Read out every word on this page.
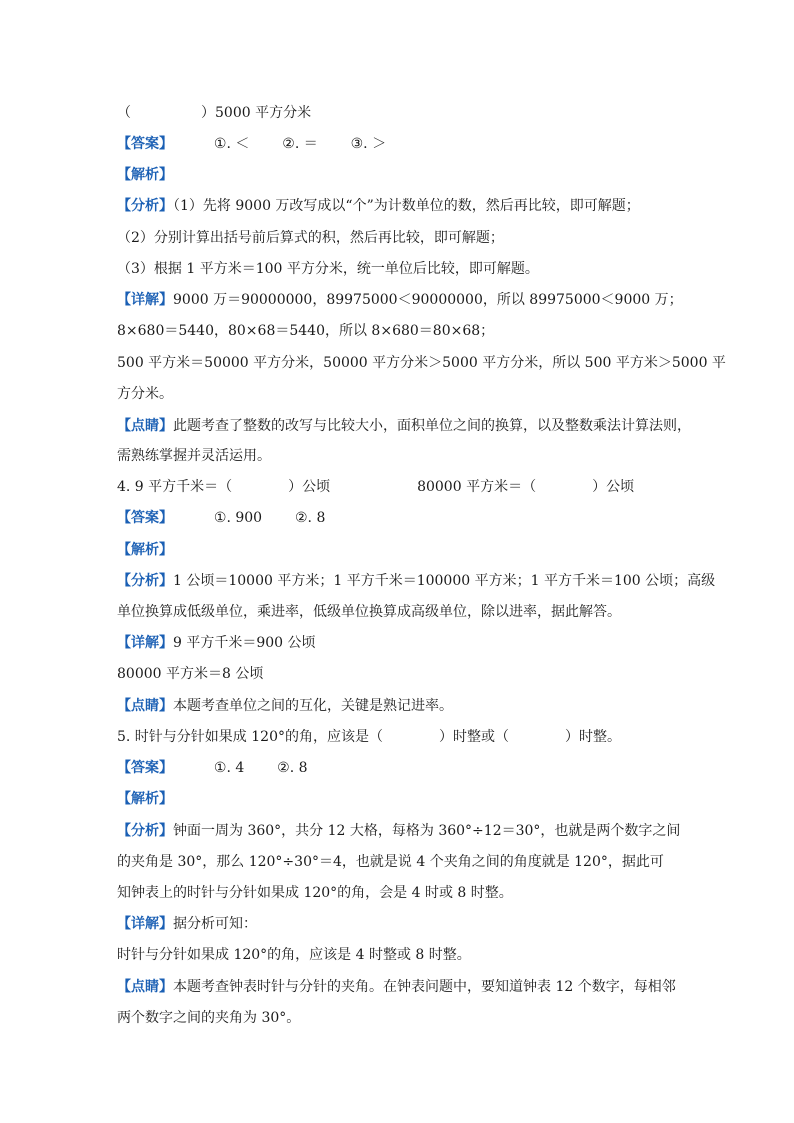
（　　　　　）5000 平方分米
【答案】	①. ＜ ②. ＝ ③. ＞
【解析】
【分析】（1）先将 9000 万改写成以“个”为计数单位的数，然后再比较，即可解题；
（2）分别计算出括号前后算式的积，然后再比较，即可解题；
（3）根据 1 平方米＝100 平方分米，统一单位后比较，即可解题。
【详解】9000 万＝90000000，89975000＜90000000，所以 89975000＜9000 万；
8×680＝5440，80×68＝5440，所以 8×680＝80×68；
500 平方米＝50000 平方分米，50000 平方分米＞5000 平方分米，所以 500 平方米＞5000 平
方分米。
【点睛】此题考查了整数的改写与比较大小，面积单位之间的换算，以及整数乘法计算法则，
需熟练掌握并灵活运用。
4. 9 平方千米＝（　　　　）公顷	80000 平方米＝（　　　　）公顷
【答案】	①. 900 ②. 8
【解析】
【分析】1 公顷＝10000 平方米；1 平方千米＝100000 平方米；1 平方千米＝100 公顷；高级
单位换算成低级单位，乘进率，低级单位换算成高级单位，除以进率，据此解答。
【详解】9 平方千米＝900 公顷
80000 平方米＝8 公顷
【点睛】本题考查单位之间的互化，关键是熟记进率。
5. 时针与分针如果成 120°的角，应该是（　　　　）时整或（　　　　）时整。
【答案】	①. 4 ②. 8
【解析】
【分析】钟面一周为 360°，共分 12 大格，每格为 360°÷12＝30°，也就是两个数字之间
的夹角是 30°，那么 120°÷30°＝4，也就是说 4 个夹角之间的角度就是 120°，据此可
知钟表上的时针与分针如果成 120°的角，会是 4 时或 8 时整。
【详解】据分析可知：
时针与分针如果成 120°的角，应该是 4 时整或 8 时整。
【点睛】本题考查钟表时针与分针的夹角。在钟表问题中，要知道钟表 12 个数字，每相邻
两个数字之间的夹角为 30°。
